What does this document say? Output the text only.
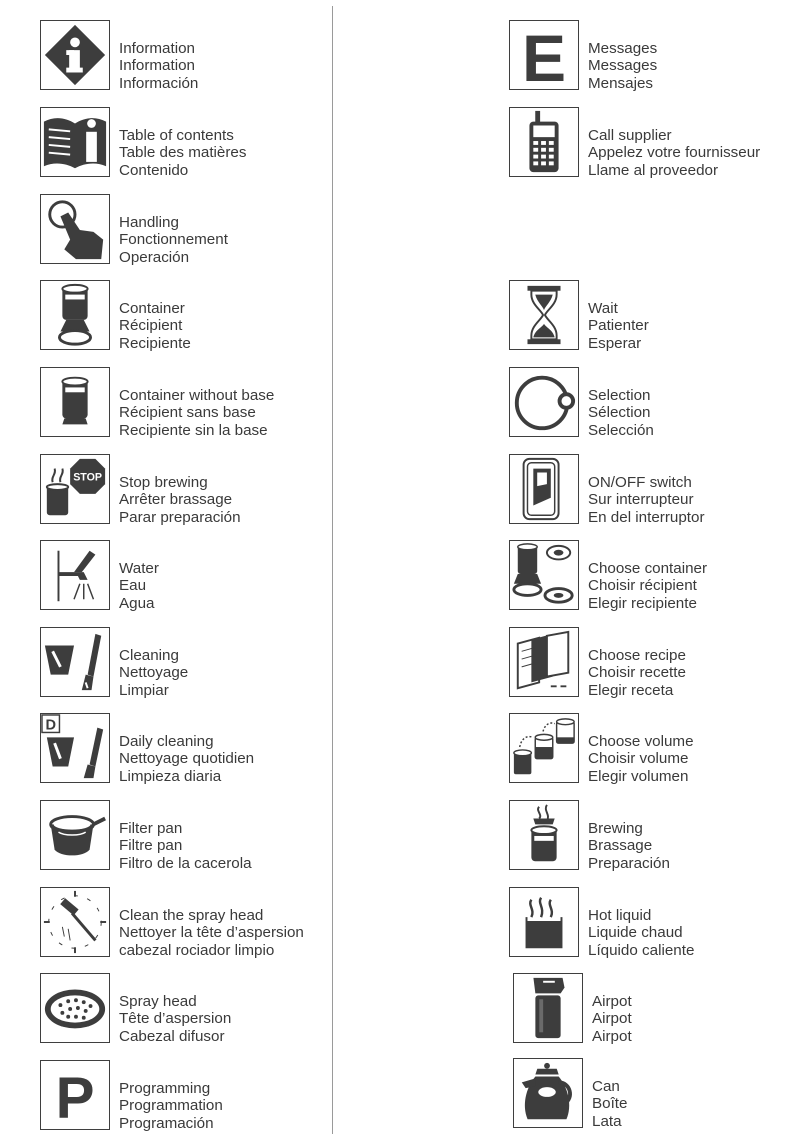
Information
Information
Información
Table of contents
Table des matières
Contenido
Handling
Fonctionnement
Operación
Container
Récipient
Recipiente
Container without base
Récipient sans base
Recipiente sin la base
STOP Stop brewing
Arrêter brassage
Parar preparación
Water
Eau
Agua
Cleaning
Nettoyage
Limpiar
D
Daily cleaning
Nettoyage quotidien
Limpieza diaria
Filter pan
Filtre pan
Filtro de la cacerola
Clean the spray head
Nettoyer la tête d’aspersion
cabezal rociador limpio
Spray head
Tête d’aspersion
Cabezal difusor
P Programming
Programmation
Programación
E Messages
Messages
Mensajes
Call supplier
Appelez votre fournisseur
Llame al proveedor
Wait
Patienter
Esperar
Selection
Sélection
Selección
ON/OFF switch
Sur interrupteur
En del interruptor
Choose container
Choisir récipient
Elegir recipiente
Choose recipe
Choisir recette
Elegir receta
Choose volume
Choisir volume
Elegir volumen
Brewing
Brassage
Preparación
Hot liquid
Liquide chaud
Líquido caliente
Airpot
Airpot
Airpot
Can
Boîte
Lata
